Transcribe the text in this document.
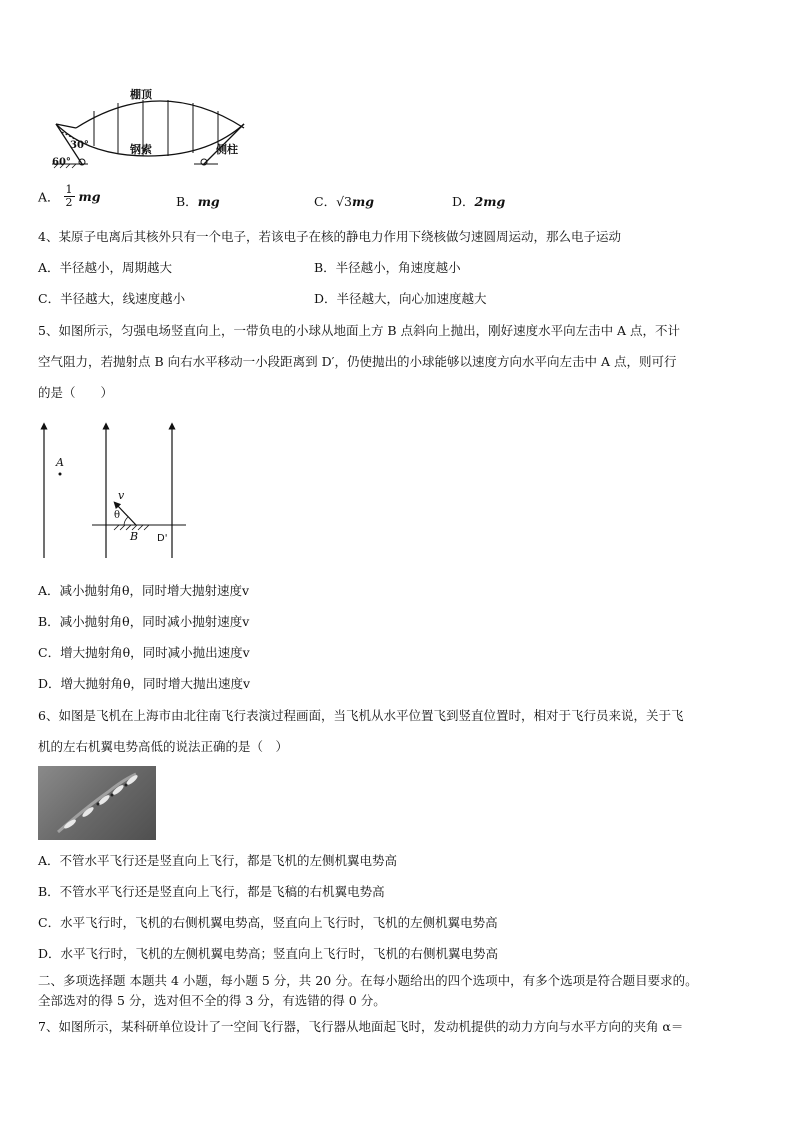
棚顶
钢索	侧柱
30°
60°
A． $\frac{1}{2}$ mg	B．mg	C．√3mg	D．2mg
4、某原子电离后其核外只有一个电子，若该电子在核的静电力作用下绕核做匀速圆周运动，那么电子运动
A．半径越小，周期越大	B．半径越小，角速度越小
C．半径越大，线速度越小	D．半径越大，向心加速度越大
5、如图所示，匀强电场竖直向上，一带负电的小球从地面上方 B 点斜向上抛出，刚好速度水平向左击中 A 点，不计
空气阻力，若抛射点 B 向右水平移动一小段距离到 D′，仍使抛出的小球能够以速度方向水平向左击中 A 点，则可行
的是（　　）
A
v
θ
B D'
A．减小抛射角θ，同时增大抛射速度v
B．减小抛射角θ，同时减小抛射速度v
C．增大抛射角θ，同时减小抛出速度v
D．增大抛射角θ，同时增大抛出速度v
6、如图是飞机在上海市由北往南飞行表演过程画面，当飞机从水平位置飞到竖直位置时，相对于飞行员来说，关于飞
机的左右机翼电势高低的说法正确的是（　）
A．不管水平飞行还是竖直向上飞行，都是飞机的左侧机翼电势高
B．不管水平飞行还是竖直向上飞行，都是飞稿的右机翼电势高
C．水平飞行时，飞机的右侧机翼电势高，竖直向上飞行时，飞机的左侧机翼电势高
D．水平飞行时，飞机的左侧机翼电势高；竖直向上飞行时，飞机的右侧机翼电势高
二、多项选择题 本题共 4 小题，每小题 5 分，共 20 分。在每小题给出的四个选项中，有多个选项是符合题目要求的。
全部选对的得 5 分，选对但不全的得 3 分，有选错的得 0 分。
7、如图所示，某科研单位设计了一空间飞行器，飞行器从地面起飞时，发动机提供的动力方向与水平方向的夹角 α＝
